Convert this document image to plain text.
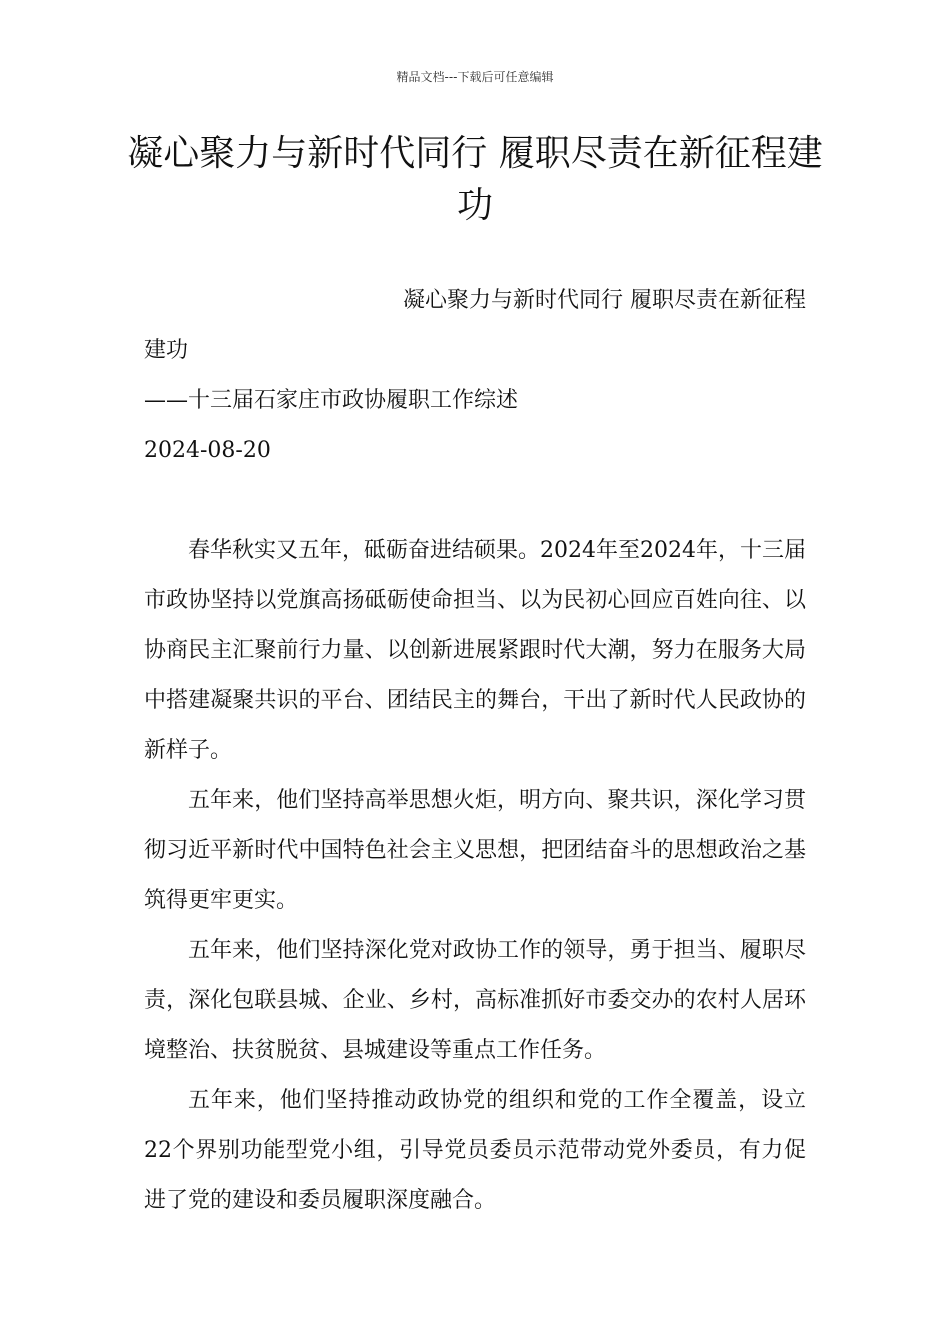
精品文档---下载后可任意编辑
凝心聚力与新时代同行 履职尽责在新征程建功
凝心聚力与新时代同行 履职尽责在新征程
建功
——十三届石家庄市政协履职工作综述
2024-08-20

春华秋实又五年，砥砺奋进结硕果。2024年至2024年，十三届市政协坚持以党旗高扬砥砺使命担当、以为民初心回应百姓向往、以协商民主汇聚前行力量、以创新进展紧跟时代大潮，努力在服务大局中搭建凝聚共识的平台、团结民主的舞台，干出了新时代人民政协的新样子。

五年来，他们坚持高举思想火炬，明方向、聚共识，深化学习贯彻习近平新时代中国特色社会主义思想，把团结奋斗的思想政治之基筑得更牢更实。

五年来，他们坚持深化党对政协工作的领导，勇于担当、履职尽责，深化包联县城、企业、乡村，高标准抓好市委交办的农村人居环境整治、扶贫脱贫、县城建设等重点工作任务。

五年来，他们坚持推动政协党的组织和党的工作全覆盖，设立22个界别功能型党小组，引导党员委员示范带动党外委员，有力促进了党的建设和委员履职深度融合。
